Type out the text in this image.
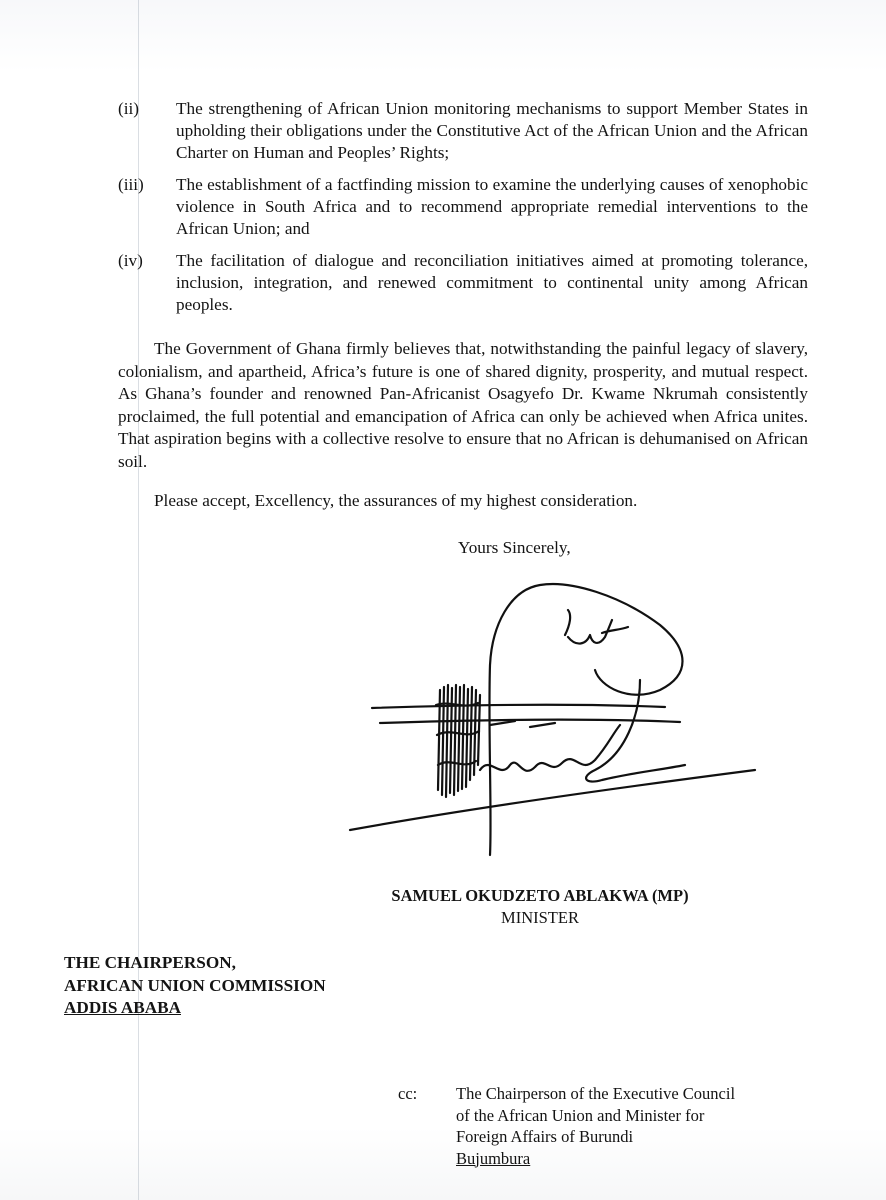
(ii)	The strengthening of African Union monitoring mechanisms to support Member States in upholding their obligations under the Constitutive Act of the African Union and the African Charter on Human and Peoples’ Rights;
(iii)	The establishment of a factfinding mission to examine the underlying causes of xenophobic violence in South Africa and to recommend appropriate remedial interventions to the African Union; and
(iv)	The facilitation of dialogue and reconciliation initiatives aimed at promoting tolerance, inclusion, integration, and renewed commitment to continental unity among African peoples.

The Government of Ghana firmly believes that, notwithstanding the painful legacy of slavery, colonialism, and apartheid, Africa’s future is one of shared dignity, prosperity, and mutual respect. As Ghana’s founder and renowned Pan-Africanist Osagyefo Dr. Kwame Nkrumah consistently proclaimed, the full potential and emancipation of Africa can only be achieved when Africa unites. That aspiration begins with a collective resolve to ensure that no African is dehumanised on African soil.

Please accept, Excellency, the assurances of my highest consideration.

Yours Sincerely,
SAMUEL OKUDZETO ABLAKWA (MP)
MINISTER
THE CHAIRPERSON,
AFRICAN UNION COMMISSION
ADDIS ABABA
cc:	The Chairperson of the Executive Council
of the African Union and Minister for
Foreign Affairs of Burundi
Bujumbura
